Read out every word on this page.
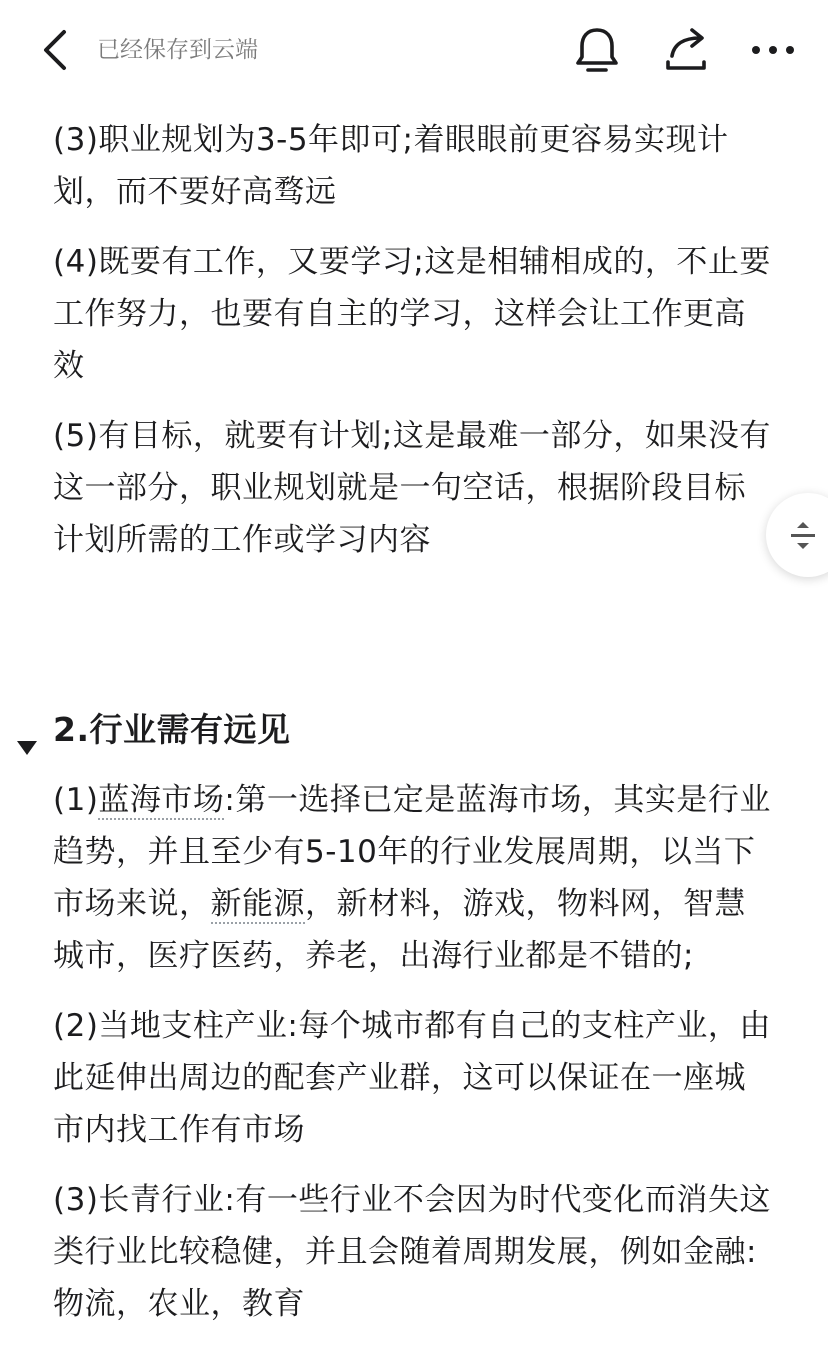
已经保存到云端

(3)职业规划为3-5年即可;着眼眼前更容易实现计划，而不要好高骛远

(4)既要有工作，又要学习;这是相辅相成的，不止要工作努力，也要有自主的学习，这样会让工作更高效

(5)有目标，就要有计划;这是最难一部分，如果没有这一部分，职业规划就是一句空话，根据阶段目标计划所需的工作或学习内容

2.行业需有远见

(1)蓝海市场:第一选择已定是蓝海市场，其实是行业趋势，并且至少有5-10年的行业发展周期，以当下市场来说，新能源，新材料，游戏，物料网，智慧城市，医疗医药，养老，出海行业都是不错的;

(2)当地支柱产业:每个城市都有自己的支柱产业，由此延伸出周边的配套产业群，这可以保证在一座城市内找工作有市场

(3)长青行业:有一些行业不会因为时代变化而消失这类行业比较稳健，并且会随着周期发展，例如金融:物流，农业，教育
